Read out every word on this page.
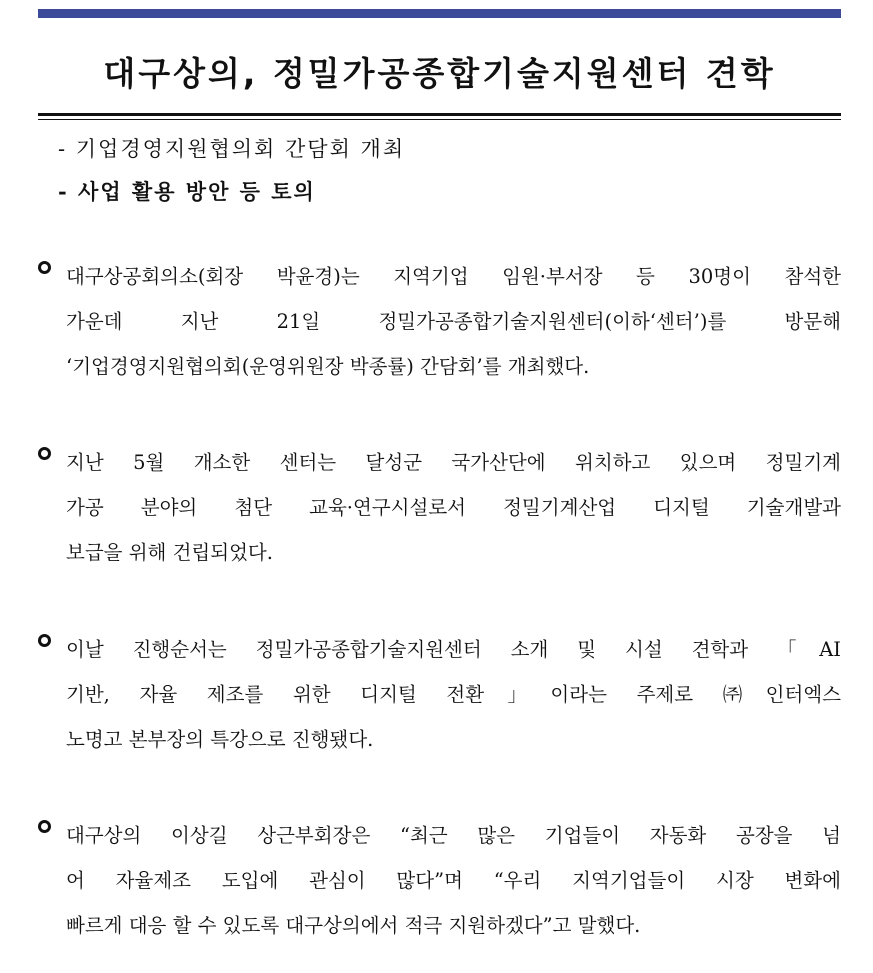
대구상의, 정밀가공종합기술지원센터 견학
- 기업경영지원협의회 간담회 개최
- 사업 활용 방안 등 토의
대구상공회의소(회장 박윤경)는 지역기업 임원·부서장 등 30명이 참석한
가운데 지난 21일 정밀가공종합기술지원센터(이하‘센터’)를 방문해
‘기업경영지원협의회(운영위원장 박종률) 간담회’를 개최했다.
지난 5월 개소한 센터는 달성군 국가산단에 위치하고 있으며 정밀기계
가공 분야의 첨단 교육·연구시설로서 정밀기계산업 디지털 기술개발과
보급을 위해 건립되었다.
이날 진행순서는 정밀가공종합기술지원센터 소개 및 시설 견학과 「AI
기반, 자율 제조를 위한 디지털 전환」이라는 주제로 ㈜인터엑스
노명고 본부장의 특강으로 진행됐다.
대구상의 이상길 상근부회장은 “최근 많은 기업들이 자동화 공장을 넘
어 자율제조 도입에 관심이 많다”며 “우리 지역기업들이 시장 변화에
빠르게 대응 할 수 있도록 대구상의에서 적극 지원하겠다”고 말했다.
